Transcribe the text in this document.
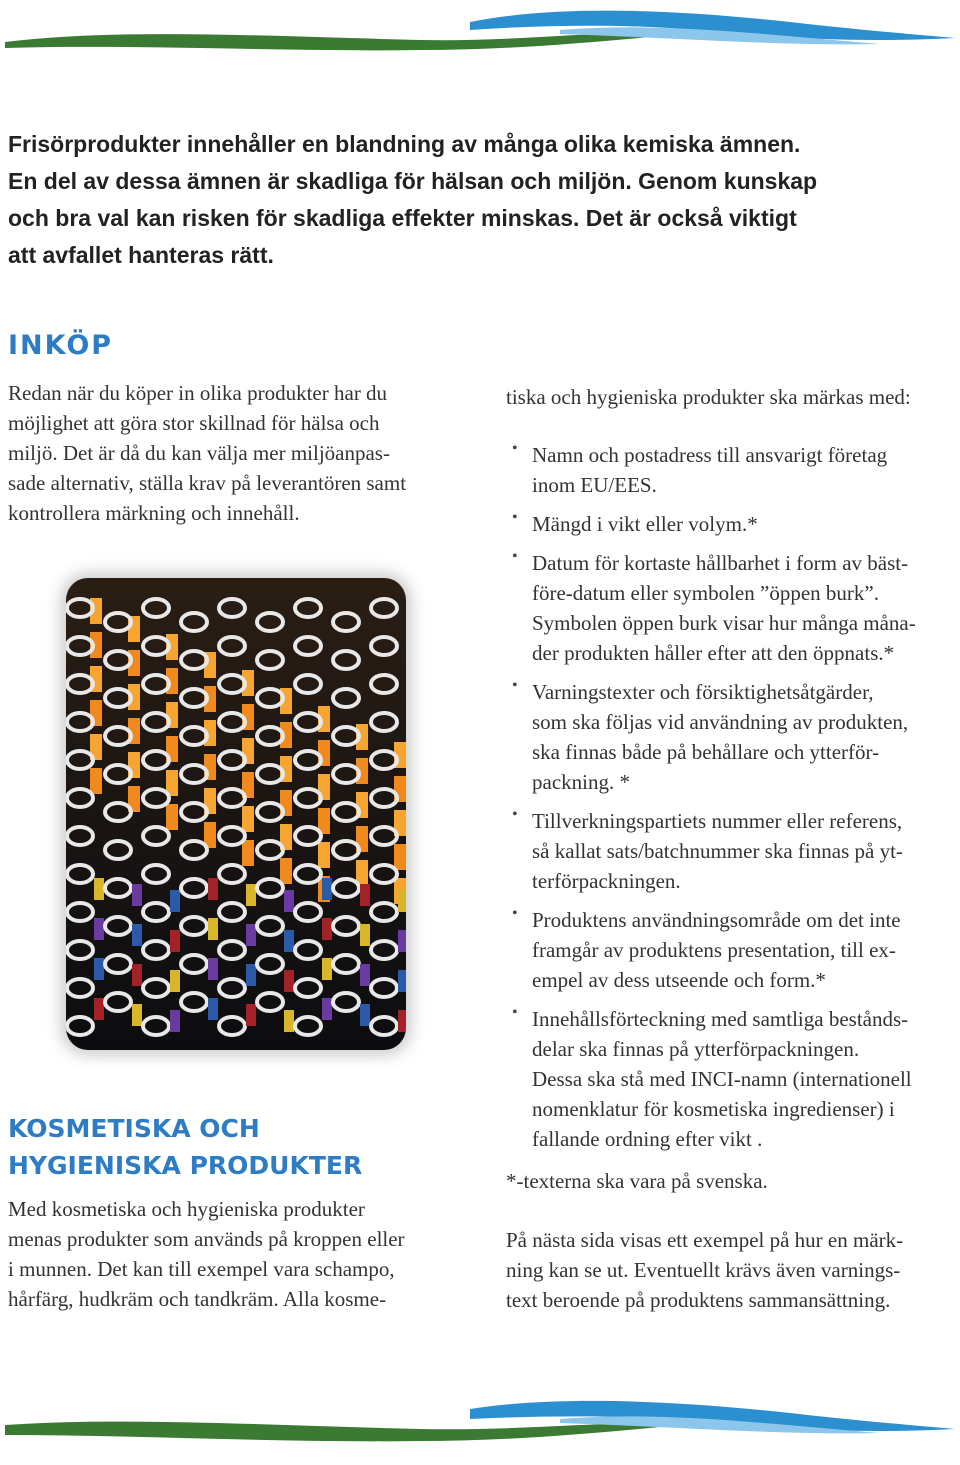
Frisörprodukter innehåller en blandning av många olika kemiska ämnen.

En del av dessa ämnen är skadliga för hälsan och miljön. Genom kunskap

och bra val kan risken för skadliga effekter minskas. Det är också viktigt

att avfallet hanteras rätt.

INKÖP

Redan när du köper in olika produkter har du

möjlighet att göra stor skillnad för hälsa och

miljö. Det är då du kan välja mer miljöanpas-

sade alternativ, ställa krav på leverantören samt

kontrollera märkning och innehåll.

KOSMETISKA OCH
HYGIENISKA PRODUKTER

Med kosmetiska och hygieniska produkter

menas produkter som används på kroppen eller

i munnen. Det kan till exempel vara schampo,

hårfärg, hudkräm och tandkräm. Alla kosme-

tiska och hygieniska produkter ska märkas med:

• Namn och postadress till ansvarigt företag
inom EU/EES.
• Mängd i vikt eller volym.*
• Datum för kortaste hållbarhet i form av bäst-
före-datum eller symbolen ”öppen burk”.
Symbolen öppen burk visar hur många måna-
der produkten håller efter att den öppnats.*
• Varningstexter och försiktighetsåtgärder,
som ska följas vid användning av produkten,
ska finnas både på behållare och ytterför-
packning. *
• Tillverkningspartiets nummer eller referens,
så kallat sats/batchnummer ska finnas på yt-
terförpackningen.
• Produktens användningsområde om det inte
framgår av produktens presentation, till ex-
empel av dess utseende och form.*
• Innehållsförteckning med samtliga bestånds-
delar ska finnas på ytterförpackningen.
Dessa ska stå med INCI-namn (internationell
nomenklatur för kosmetiska ingredienser) i
fallande ordning efter vikt .

*-texterna ska vara på svenska.

På nästa sida visas ett exempel på hur en märk-

ning kan se ut. Eventuellt krävs även varnings-

text beroende på produktens sammansättning.
